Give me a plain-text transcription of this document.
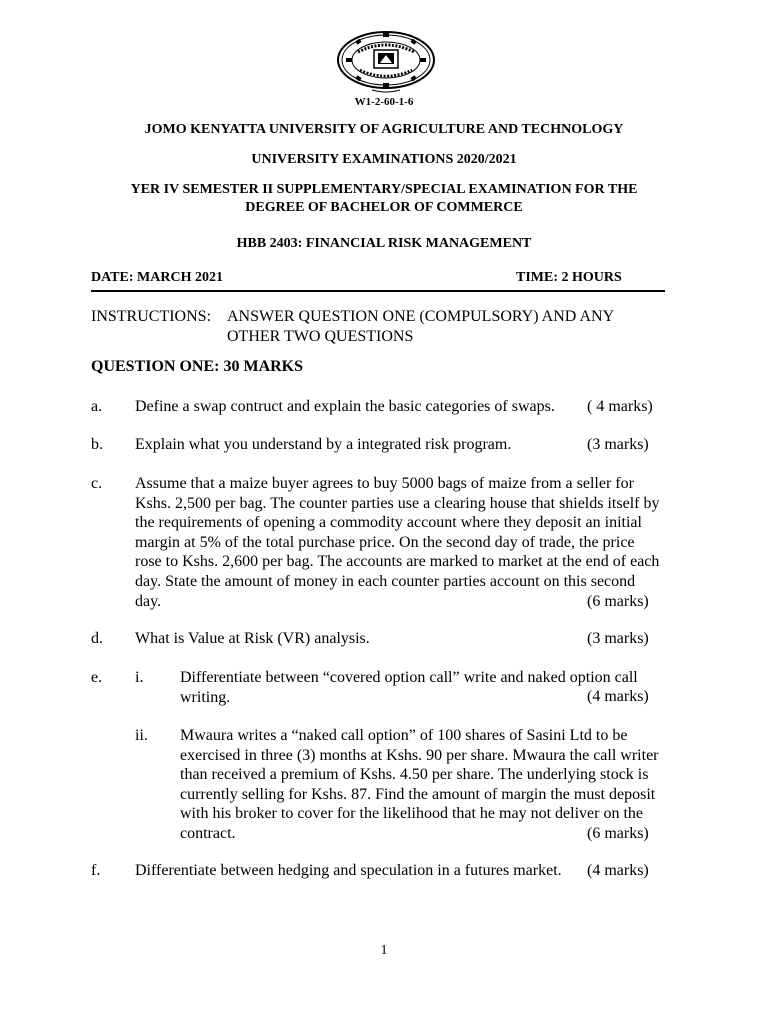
W1-2-60-1-6
JOMO KENYATTA UNIVERSITY OF AGRICULTURE AND TECHNOLOGY
UNIVERSITY EXAMINATIONS 2020/2021
YER IV SEMESTER II SUPPLEMENTARY/SPECIAL EXAMINATION FOR THE
DEGREE OF BACHELOR OF COMMERCE
HBB 2403: FINANCIAL RISK MANAGEMENT
DATE: MARCH 2021	TIME: 2 HOURS
INSTRUCTIONS: ANSWER QUESTION ONE (COMPULSORY) AND ANY
OTHER TWO QUESTIONS
QUESTION ONE: 30 MARKS
a. Define a swap contruct and explain the basic categories of swaps.	( 4 marks)
b. Explain what you understand by a integrated risk program.	(3 marks)
c. Assume that a maize buyer agrees to buy 5000 bags of maize from a seller for
Kshs. 2,500 per bag. The counter parties use a clearing house that shields itself by
the requirements of opening a commodity account where they deposit an initial
margin at 5% of the total purchase price. On the second day of trade, the price
rose to Kshs. 2,600 per bag. The accounts are marked to market at the end of each
day. State the amount of money in each counter parties account on this second
day.	(6 marks)
d. What is Value at Risk (VR) analysis.	(3 marks)
e. i. Differentiate between “covered option call” write and naked option call
writing.	(4 marks)
ii. Mwaura writes a “naked call option” of 100 shares of Sasini Ltd to be
exercised in three (3) months at Kshs. 90 per share. Mwaura the call writer
than received a premium of Kshs. 4.50 per share. The underlying stock is
currently selling for Kshs. 87. Find the amount of margin the must deposit
with his broker to cover for the likelihood that he may not deliver on the
contract.	(6 marks)
f. Differentiate between hedging and speculation in a futures market.	(4 marks)
1
